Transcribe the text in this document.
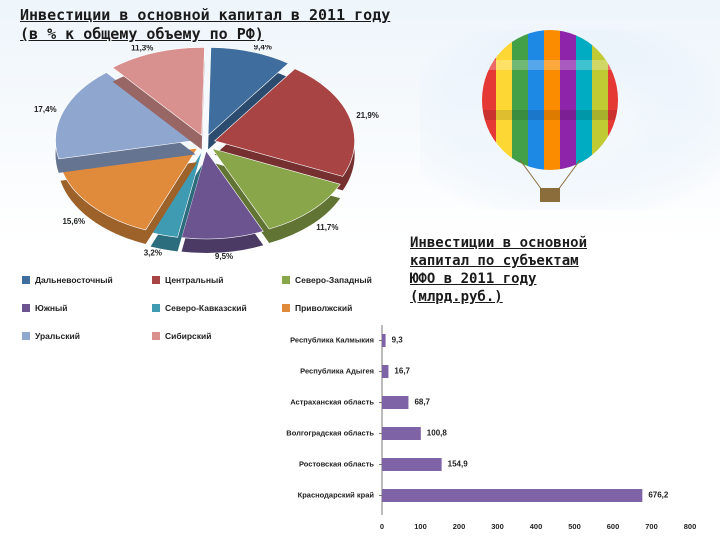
Инвестиции в основной капитал в 2011 году
(в % к общему объему по РФ)
9,4%
21,9%
11,7%
9,5%
3,2%
15,6%
17,4%
11,3%
Дальневосточный	Центральный	Северо-Западный
Южный	Северо-Кавказский	Приволжский
Уральский	Сибирский
Инвестиции в основной
капитал по субъектам
ЮФО в 2011 году
(млрд.руб.)
Республика Калмыкия 9,3
Республика Адыгея	16,7
Астраханская область	68,7
Волгоградская область	100,8
Ростовская область	154,9
Краснодарский край	676,2
0	100	200	300	400	500	600	700	800
